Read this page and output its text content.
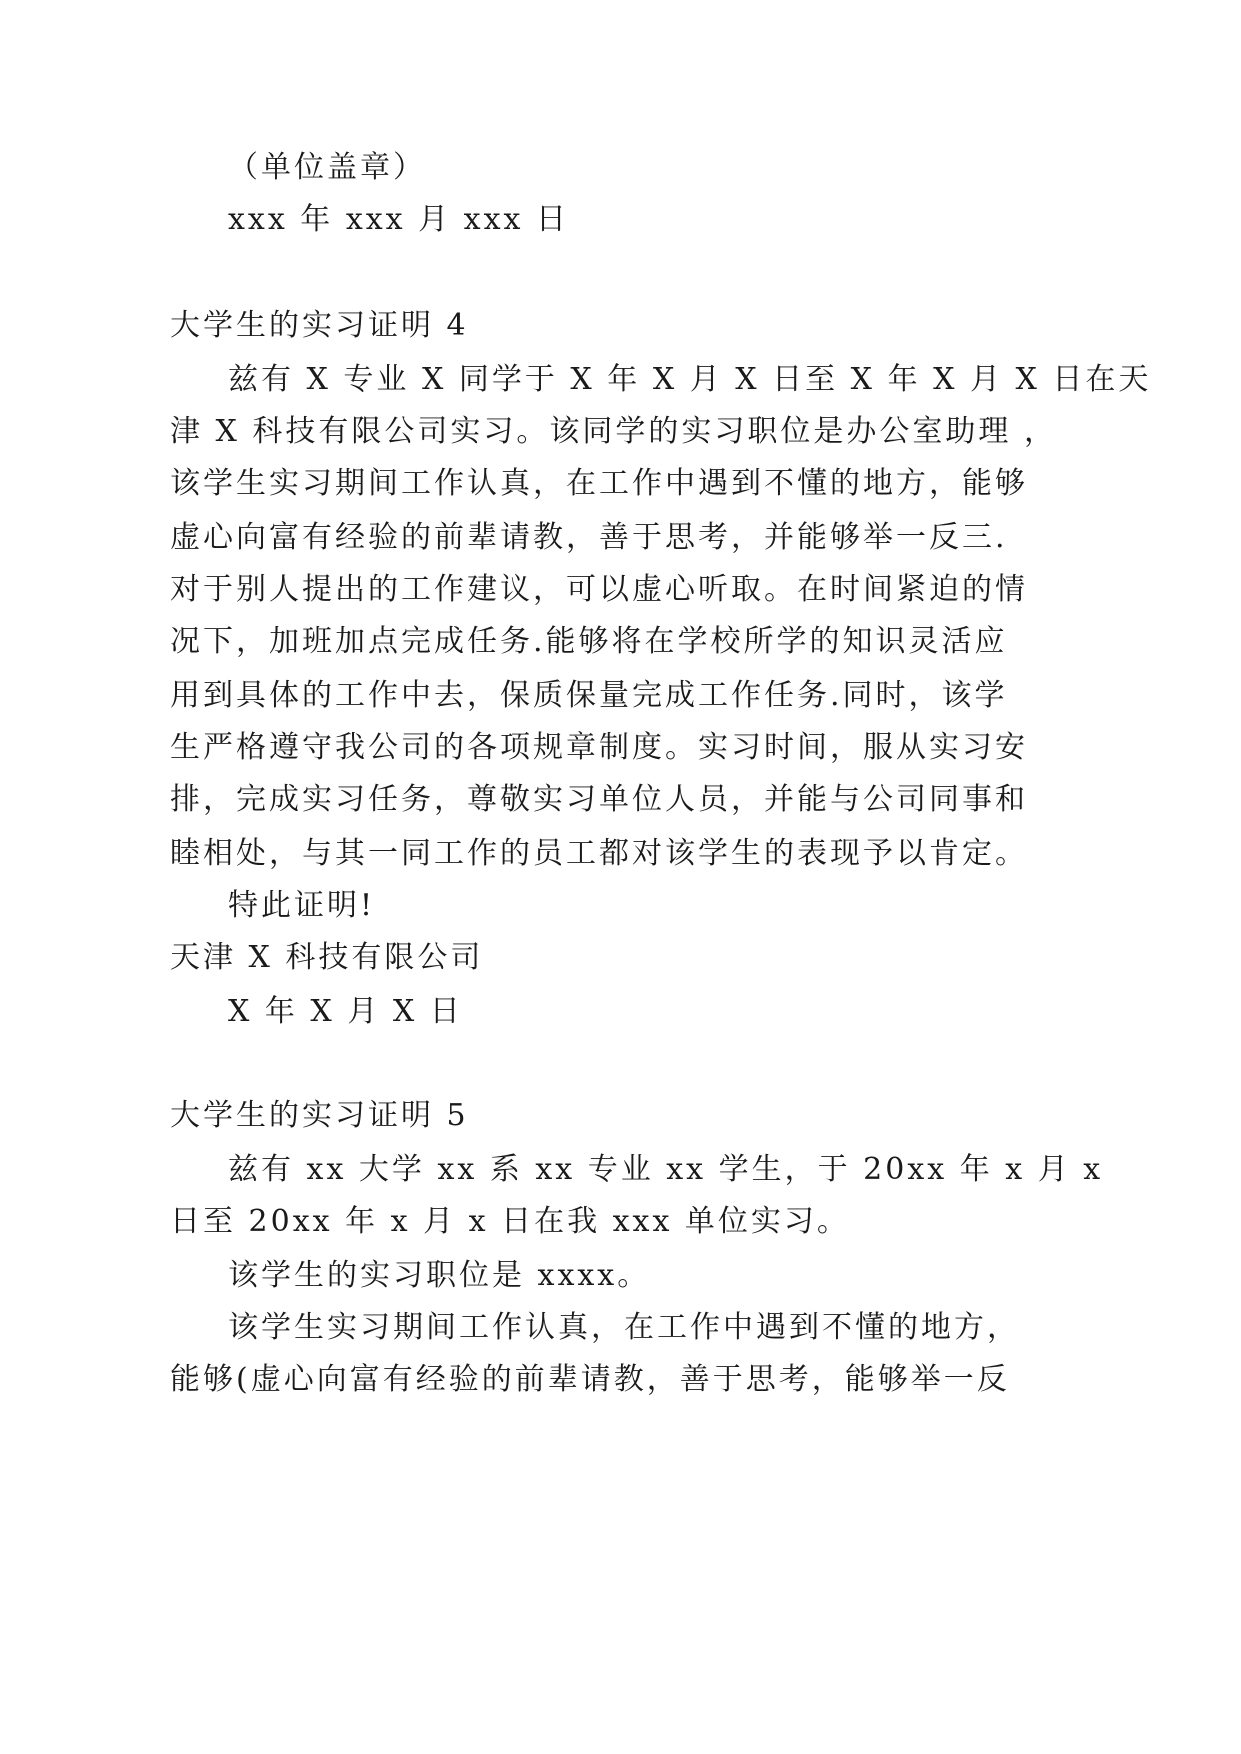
（单位盖章）
xxx 年 xxx 月 xxx 日
大学生的实习证明 4
兹有 X 专业 X 同学于 X 年 X 月 X 日至 X 年 X 月 X 日在天
津 X 科技有限公司实习。该同学的实习职位是办公室助理 ，
该学生实习期间工作认真，在工作中遇到不懂的地方，能够
虚心向富有经验的前辈请教，善于思考，并能够举一反三.
对于别人提出的工作建议，可以虚心听取。在时间紧迫的情
况下，加班加点完成任务.能够将在学校所学的知识灵活应
用到具体的工作中去，保质保量完成工作任务.同时，该学
生严格遵守我公司的各项规章制度。实习时间，服从实习安
排，完成实习任务，尊敬实习单位人员，并能与公司同事和
睦相处，与其一同工作的员工都对该学生的表现予以肯定。
特此证明!
天津 X 科技有限公司
X 年 X 月 X 日
大学生的实习证明 5
兹有 xx 大学 xx 系 xx 专业 xx 学生，于 20xx 年 x 月 x
日至 20xx 年 x 月 x 日在我 xxx 单位实习。
该学生的实习职位是 xxxx。
该学生实习期间工作认真，在工作中遇到不懂的地方，
能够(虚心向富有经验的前辈请教，善于思考，能够举一反
